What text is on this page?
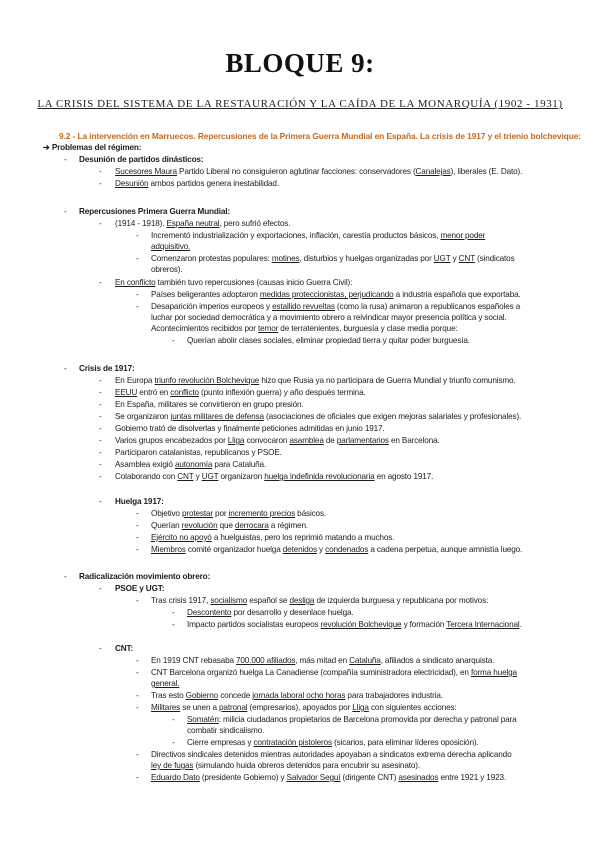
BLOQUE 9:
LA CRISIS DEL SISTEMA DE LA RESTAURACIÓN Y LA CAÍDA DE LA MONARQUÍA (1902 - 1931)
9.2 - La intervención en Marruecos. Repercusiones de la Primera Guerra Mundial en España. La crisis de 1917 y el trienio bolchevique:
➔ Problemas del régimen:
- Desunión de partidos dinásticos:
- Sucesores Maura Partido Liberal no consiguieron aglutinar facciones: conservadores (Canalejas), liberales (E. Dato).
- Desunión ambos partidos genera inestabilidad.
- Repercusiones Primera Guerra Mundial:
- (1914 - 1918). España neutral, pero sufrió efectos.
- Incrementó industrialización y exportaciones, inflación, carestía productos básicos, menor poder
adquisitivo.
- Comenzaron protestas populares: motines, disturbios y huelgas organizadas por UGT y CNT (sindicatos
obreros).
- En conflicto también tuvo repercusiones (causas inicio Guerra Civil):
- Países beligerantes adoptaron medidas proteccionistas, perjudicando a industria española que exportaba.
- Desaparición imperios europeos y estallido revueltas (como la rusa) animaron a republicanos españoles a
luchar por sociedad democrática y a movimiento obrero a reivindicar mayor presencia política y social.
Acontecimientos recibidos por temor de terratenientes, burguesía y clase media porque:
- Querían abolir clases sociales, eliminar propiedad tierra y quitar poder burguesía.
- Crisis de 1917:
- En Europa triunfo revolución Bolchevique hizo que Rusia ya no participara de Guerra Mundial y triunfo comunismo.
- EEUU entró en conflicto (punto inflexión guerra) y año después termina.
- En España, militares se convirtieron en grupo presión.
- Se organizaron juntas militares de defensa (asociaciones de oficiales que exigen mejoras salariales y profesionales).
- Gobierno trató de disolverlas y finalmente peticiones admitidas en junio 1917.
- Varios grupos encabezados por Lliga convocaron asamblea de parlamentarios en Barcelona.
- Participaron catalanistas, republicanos y PSOE.
- Asamblea exigió autonomía para Cataluña.
- Colaborando con CNT y UGT organizaron huelga indefinida revolucionaria en agosto 1917.
- Huelga 1917:
- Objetivo protestar por incremento precios básicos.
- Querían revolución que derrocara a régimen.
- Ejército no apoyó a huelguistas, pero los reprimió matando a muchos.
- Miembros comité organizador huelga detenidos y condenados a cadena perpetua, aunque amnistía luego.
- Radicalización movimiento obrero:
- PSOE y UGT:
- Tras crisis 1917, socialismo español se desliga de izquierda burguesa y republicana por motivos:
- Descontento por desarrollo y desenlace huelga.
- Impacto partidos socialistas europeos revolución Bolchevique y formación Tercera Internacional.
- CNT:
- En 1919 CNT rebasaba 700.000 afiliados, más mitad en Cataluña, afiliados a sindicato anarquista.
- CNT Barcelona organizó huelga La Canadiense (compañía suministradora electricidad), en forma huelga
general.
- Tras esto Gobierno concede jornada laboral ocho horas para trabajadores industria.
- Militares se unen a patronal (empresarios), apoyados por Lliga con siguientes acciones:
- Somatén: milicia ciudadanos propietarios de Barcelona promovida por derecha y patronal para
combatir sindicalismo.
- Cierre empresas y contratación pistoleros (sicarios, para eliminar líderes oposición).
- Directivos sindicales detenidos mientras autoridades apoyaban a sindicatos extrema derecha aplicando
ley de fugas (simulando huida obreros detenidos para encubrir su asesinato).
- Eduardo Dato (presidente Gobierno) y Salvador Seguí (dirigente CNT) asesinados entre 1921 y 1923.
